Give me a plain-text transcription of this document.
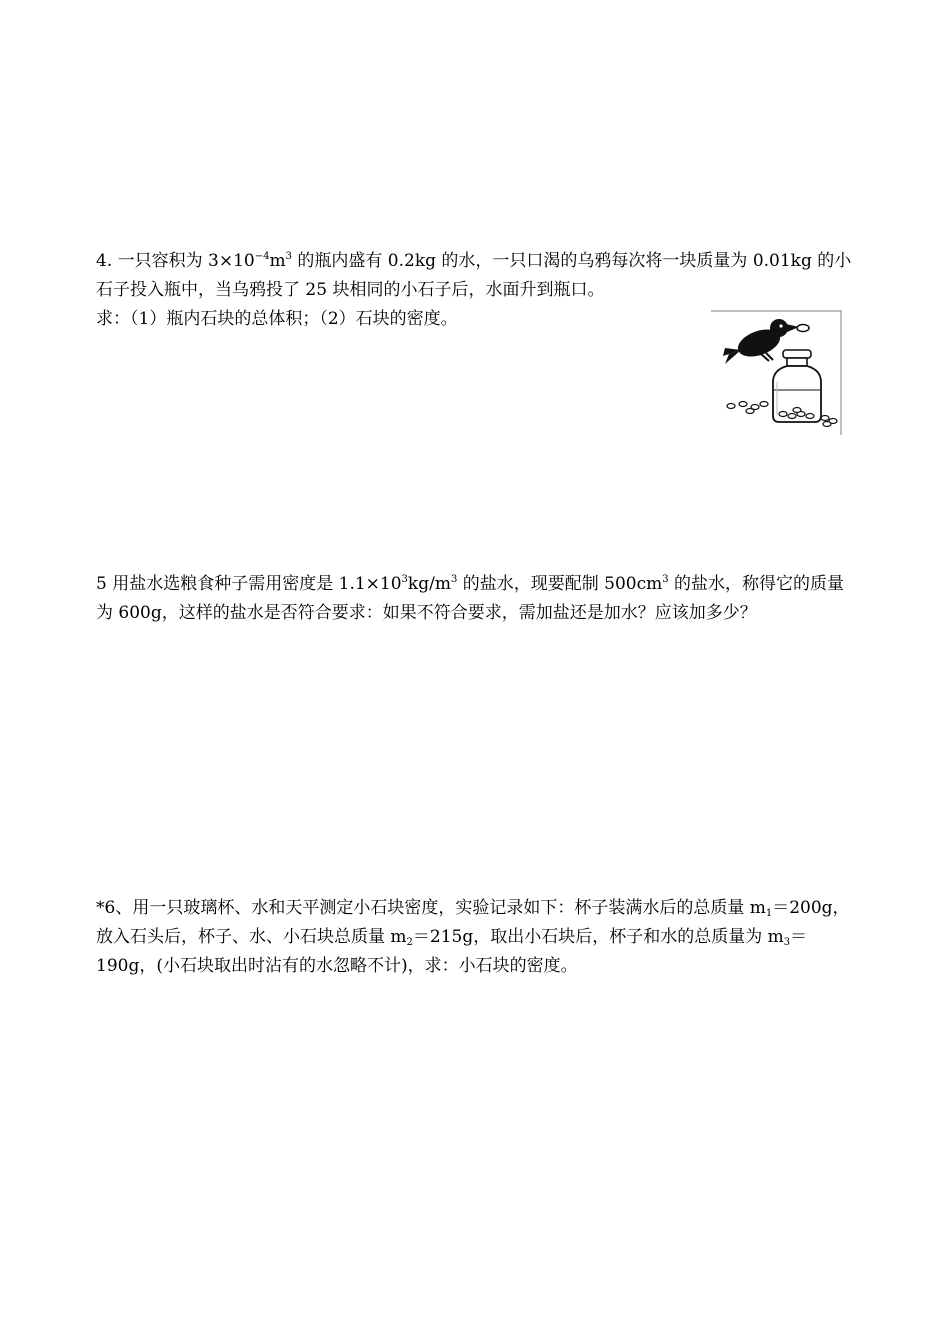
4. 一只容积为 $3\times 10^{-4}m^3$ 的瓶内盛有 0.2kg 的水，一只口渴的乌鸦每次将一块质量为 0.01kg 的小石子投入瓶中，当乌鸦投了 25 块相同的小石子后，水面升到瓶口。
求：（1）瓶内石块的总体积；（2）石块的密度。

5 用盐水选粮食种子需用密度是 $1.1\times 10^3kg/m^3$ 的盐水，现要配制 $500cm^3$ 的盐水，称得它的质量为 600g，这样的盐水是否符合要求：如果不符合要求，需加盐还是加水？应该加多少？

*6、用一只玻璃杯、水和天平测定小石块密度，实验记录如下：杯子装满水后的总质量 $m_1=200g$，放入石头后，杯子、水、小石块总质量 $m_2=215g$，取出小石块后，杯子和水的总质量为 $m_3=190g$，(小石块取出时沾有的水忽略不计)，求：小石块的密度。
